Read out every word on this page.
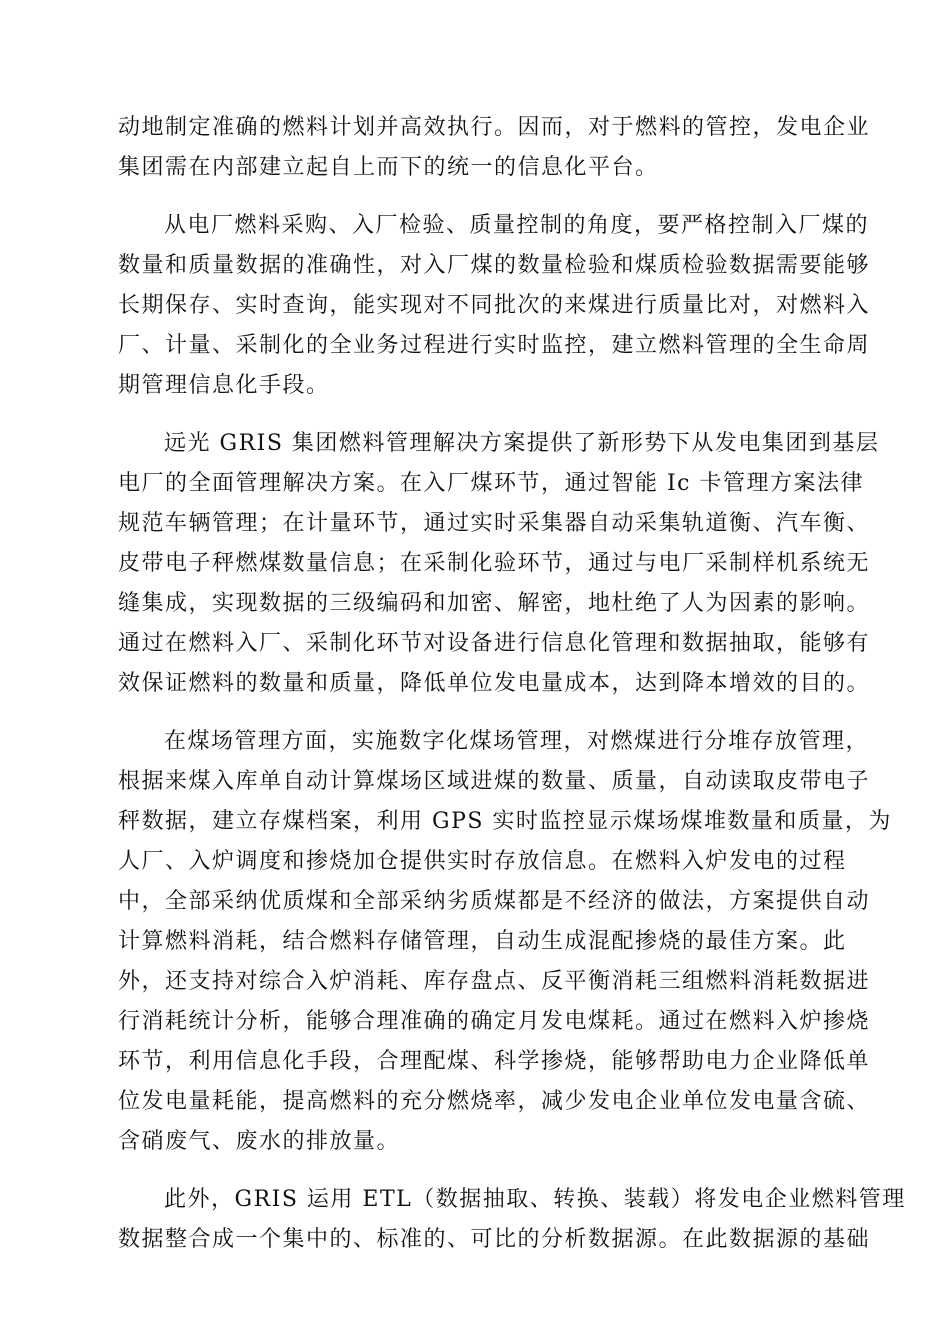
动地制定准确的燃料计划并高效执行。因而，对于燃料的管控，发电企业
集团需在内部建立起自上而下的统一的信息化平台。

从电厂燃料采购、入厂检验、质量控制的角度，要严格控制入厂煤的
数量和质量数据的准确性，对入厂煤的数量检验和煤质检验数据需要能够
长期保存、实时查询，能实现对不同批次的来煤进行质量比对，对燃料入
厂、计量、采制化的全业务过程进行实时监控，建立燃料管理的全生命周
期管理信息化手段。

远光 GRIS 集团燃料管理解决方案提供了新形势下从发电集团到基层
电厂的全面管理解决方案。在入厂煤环节，通过智能 Ic 卡管理方案法律
规范车辆管理；在计量环节，通过实时采集器自动采集轨道衡、汽车衡、
皮带电子秤燃煤数量信息；在采制化验环节，通过与电厂采制样机系统无
缝集成，实现数据的三级编码和加密、解密，地杜绝了人为因素的影响。
通过在燃料入厂、采制化环节对设备进行信息化管理和数据抽取，能够有
效保证燃料的数量和质量，降低单位发电量成本，达到降本增效的目的。

在煤场管理方面，实施数字化煤场管理，对燃煤进行分堆存放管理，
根据来煤入库单自动计算煤场区域进煤的数量、质量，自动读取皮带电子
秤数据，建立存煤档案，利用 GPS 实时监控显示煤场煤堆数量和质量，为
人厂、入炉调度和掺烧加仓提供实时存放信息。在燃料入炉发电的过程
中，全部采纳优质煤和全部采纳劣质煤都是不经济的做法，方案提供自动
计算燃料消耗，结合燃料存储管理，自动生成混配掺烧的最佳方案。此
外，还支持对综合入炉消耗、库存盘点、反平衡消耗三组燃料消耗数据进
行消耗统计分析，能够合理准确的确定月发电煤耗。通过在燃料入炉掺烧
环节，利用信息化手段，合理配煤、科学掺烧，能够帮助电力企业降低单
位发电量耗能，提高燃料的充分燃烧率，减少发电企业单位发电量含硫、
含硝废气、废水的排放量。

此外，GRIS 运用 ETL（数据抽取、转换、装载）将发电企业燃料管理
数据整合成一个集中的、标准的、可比的分析数据源。在此数据源的基础
